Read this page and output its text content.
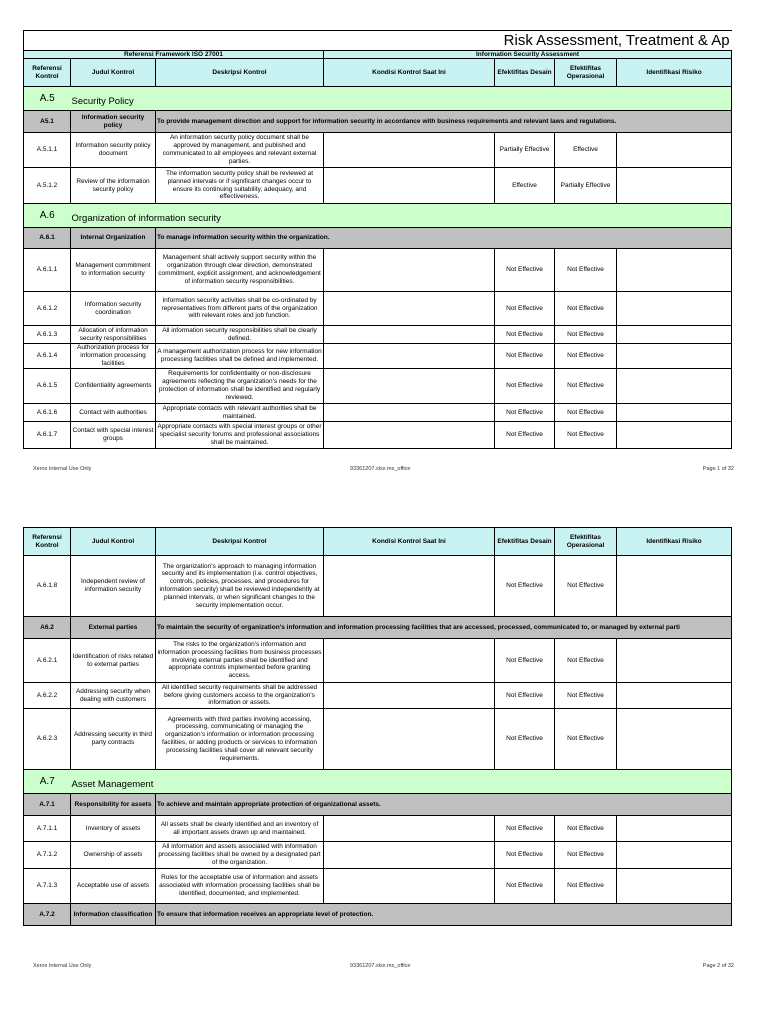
Risk Assessment, Treatment & Ap						

Referensi Framework ISO 27001			Information Security Assessment			
Referensi Kontrol	Judul Kontrol	Deskripsi Kontrol	Kondisi Kontrol Saat Ini	Efektifitas Desain	Efektifitas Operasional	Identifikasi Risiko
A.5	Security Policy					
A5.1	Information security policy	To provide management direction and support for information security in accordance with business requirements and relevant laws and regulations.				
A.5.1.1	Information security policy document	An information security policy document shall be approved by management, and published and communicated to all employees and relevant external parties.		Partially Effective	Effective	
A.5.1.2	Review of the information security policy	The information security policy shall be reviewed at planned intervals or if significant changes occur to ensure its continuing suitability, adequacy, and effectiveness.		Effective	Partially Effective	
A.6	Organization of information security					
A.6.1	Internal Organization	To manage information security within the organization.				
A.6.1.1	Management commitment to information security	Management shall actively support security within the organization through clear direction, demonstrated commitment, explicit assignment, and acknowledgement of information security responsibilities.		Not Effective	Not Effective	
A.6.1.2	Information security coordination	Information security activities shall be co-ordinated by representatives from different parts of the organization with relevant roles and job function.		Not Effective	Not Effective	
A.6.1.3	Allocation of information security responsibilities	All information security responsibilities shall be clearly defined.		Not Effective	Not Effective	
A.6.1.4	Authorization process for information processing facilities	A management authorization process for new information processing facilities shall be defined and implemented.		Not Effective	Not Effective	
A.6.1.5	Confidentiality agreements	Requirements for confidentiality or non-disclosure agreements reflecting the organization's needs for the protection of information shall be identified and regularly reviewed.		Not Effective	Not Effective	
A.6.1.6	Contact with authorities	Appropriate contacts with relevant authorities shall be maintained.		Not Effective	Not Effective	
A.6.1.7	Contact with special interest groups	Appropriate contacts with special interest groups or other specialist security forums and professional associations shall be maintained.		Not Effective	Not Effective	
Xerox Internal Use Only	93361207.xlsx.ms_office	Page 1 of 32
Referensi Kontrol	Judul Kontrol	Deskripsi Kontrol	Kondisi Kontrol Saat Ini	Efektifitas Desain	Efektifitas Operasional	Identifikasi Risiko
A.6.1.8	Independent review of information security	The organization's approach to managing information security and its implementation (i.e. control objectives, controls, policies, processes, and procedures for information security) shall be reviewed independently at planned intervals, or when significant changes to the security implementation occur.		Not Effective	Not Effective	
A6.2	External parties	To maintain the security of organization's information and information processing facilities that are accessed, processed, communicated to, or managed by external parti				
A.6.2.1	Identification of risks related to external parties	The risks to the organization's information and information processing facilities from business processes involving external parties shall be identified and appropriate controls implemented before granting access.		Not Effective	Not Effective	
A.6.2.2	Addressing security when dealing with customers	All identified security requirements shall be addressed before giving customers access to the organization's information or assets.		Not Effective	Not Effective	
A.6.2.3	Addressing security in third party contracts	Agreements with third parties involving accessing, processing, communicating or managing the organization's information or information processing facilities, or adding products or services to information processing facilities shall cover all relevant security requirements.		Not Effective	Not Effective	
A.7	Asset Management					
A.7.1	Responsibility for assets	To achieve and maintain appropriate protection of organizational assets.				
A.7.1.1	Inventory of assets	All assets shall be clearly identified and an inventory of all important assets drawn up and maintained.		Not Effective	Not Effective	
A.7.1.2	Ownership of assets	All information and assets associated with information processing facilities shall be owned by a designated part of the organization.		Not Effective	Not Effective	
A.7.1.3	Acceptable use of assets	Rules for the acceptable use of information and assets associated with information processing facilities shall be identified, documented, and implemented.		Not Effective	Not Effective	
A.7.2	Information classification	To ensure that information receives an appropriate level of protection.				
Xerox Internal Use Only	93361207.xlsx.ms_office	Page 2 of 32
